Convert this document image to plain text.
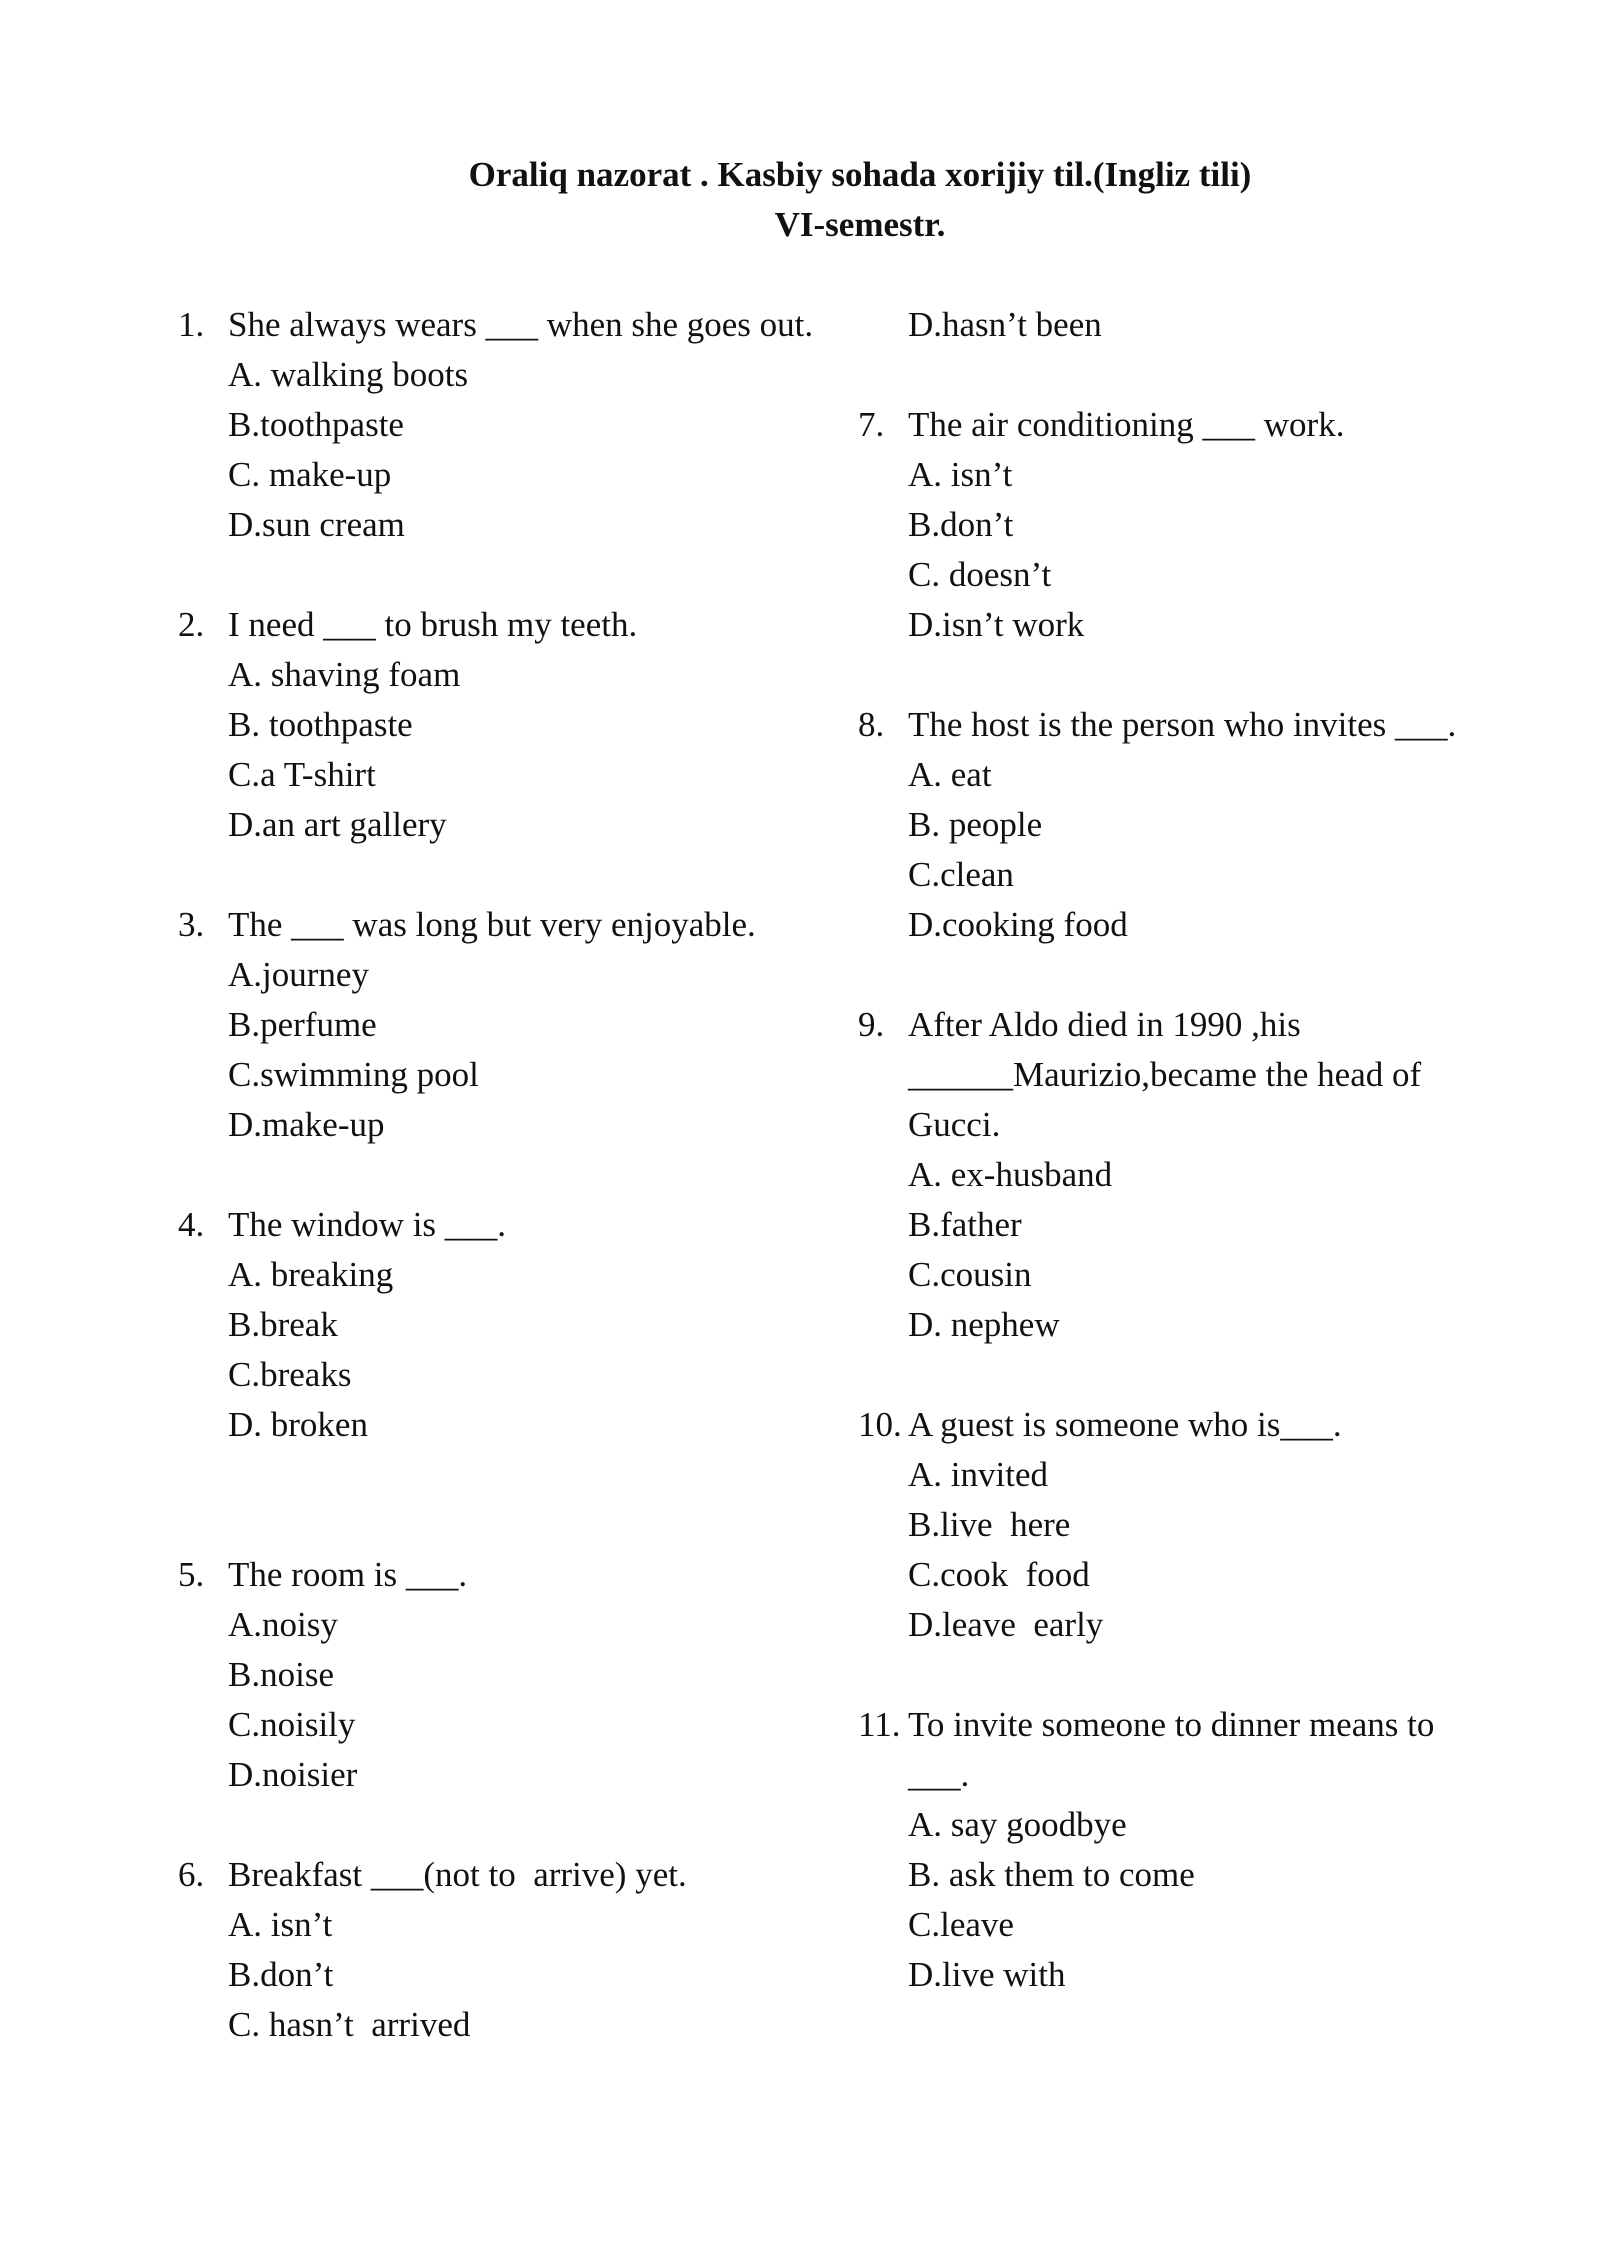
Oraliq nazorat . Kasbiy sohada xorijiy til.(Ingliz tili)
VI-semestr.
1. She always wears ___ when she goes out.
A. walking boots
B.toothpaste
C. make-up
D.sun cream
2. I need ___ to brush my teeth.
A. shaving foam
B. toothpaste
C.a T-shirt
D.an art gallery
3. The ___ was long but very enjoyable.
A.journey
B.perfume
C.swimming pool
D.make-up
4. The window is ___.
A. breaking
B.break
C.breaks
D. broken
5. The room is ___.
A.noisy
B.noise
C.noisily
D.noisier
6. Breakfast ___(not to  arrive) yet.
A. isn’t
B.don’t
C. hasn’t  arrived
D.hasn’t been
7. The air conditioning ___ work.
A. isn’t
B.don’t
C. doesn’t
D.isn’t work
8. The host is the person who invites ___.
A. eat
B. people
C.clean
D.cooking food
9. After Aldo died in 1990 ,his ______Maurizio,became the head of Gucci.
A. ex-husband
B.father
C.cousin
D. nephew
10. A guest is someone who is___.
A. invited
B.live  here
C.cook  food
D.leave  early
11. To invite someone to dinner means to ___.
A. say goodbye
B. ask them to come
C.leave
D.live with
